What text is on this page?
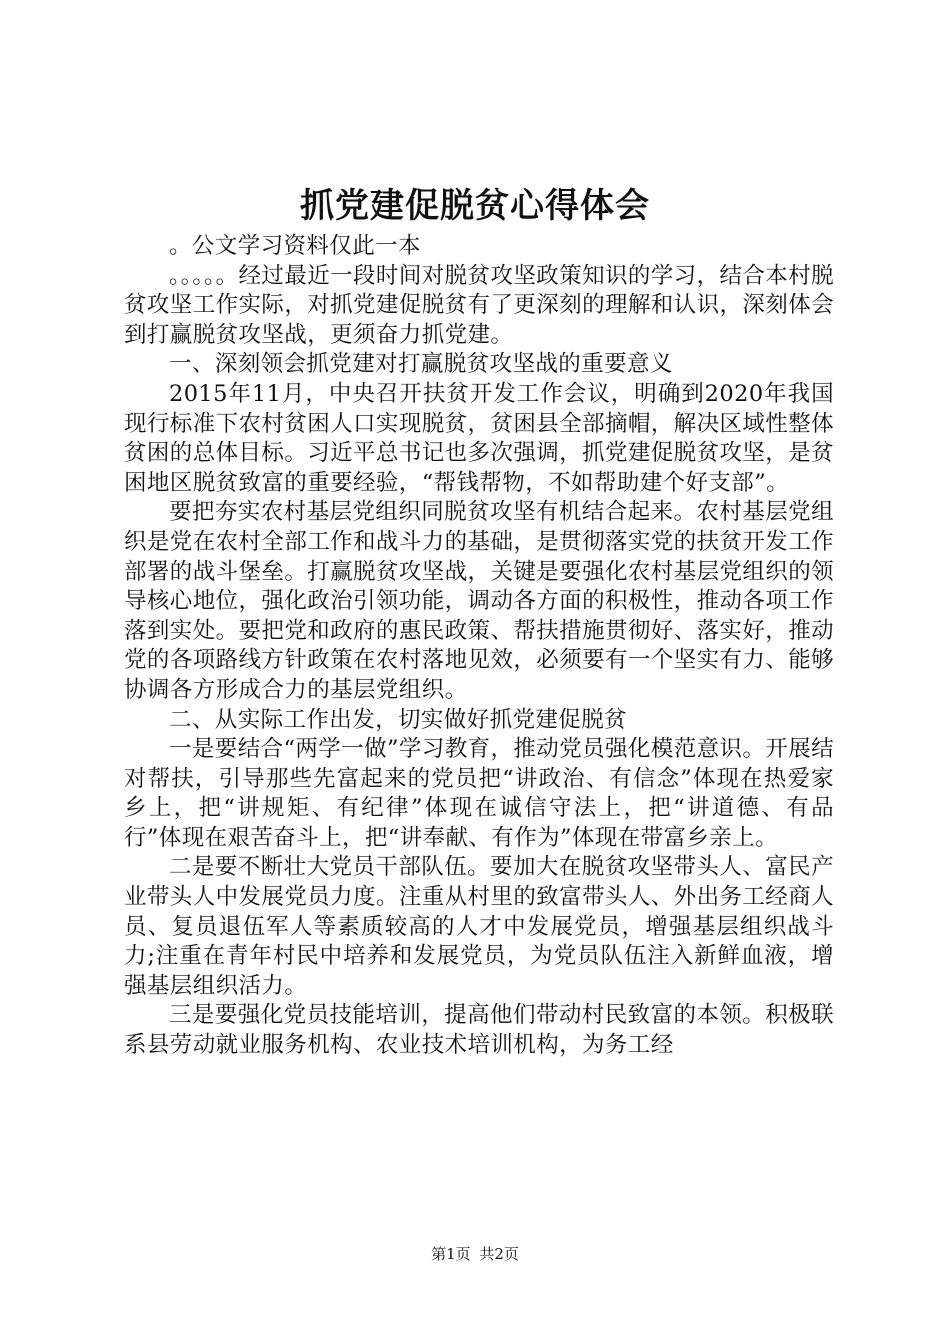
抓党建促脱贫心得体会

。公文学习资料仅此一本

。。。。。经过最近一段时间对脱贫攻坚政策知识的学习，结合本村脱贫攻坚工作实际，对抓党建促脱贫有了更深刻的理解和认识，深刻体会到打赢脱贫攻坚战，更须奋力抓党建。

一、深刻领会抓党建对打赢脱贫攻坚战的重要意义

2015年11月，中央召开扶贫开发工作会议，明确到2020年我国现行标准下农村贫困人口实现脱贫，贫困县全部摘帽，解决区域性整体贫困的总体目标。习近平总书记也多次强调，抓党建促脱贫攻坚，是贫困地区脱贫致富的重要经验，“帮钱帮物，不如帮助建个好支部”。

要把夯实农村基层党组织同脱贫攻坚有机结合起来。农村基层党组织是党在农村全部工作和战斗力的基础，是贯彻落实党的扶贫开发工作部署的战斗堡垒。打赢脱贫攻坚战，关键是要强化农村基层党组织的领导核心地位，强化政治引领功能，调动各方面的积极性，推动各项工作落到实处。要把党和政府的惠民政策、帮扶措施贯彻好、落实好，推动党的各项路线方针政策在农村落地见效，必须要有一个坚实有力、能够协调各方形成合力的基层党组织。

二、从实际工作出发，切实做好抓党建促脱贫

一是要结合“两学一做”学习教育，推动党员强化模范意识。开展结对帮扶，引导那些先富起来的党员把“讲政治、有信念”体现在热爱家乡上，把“讲规矩、有纪律”体现在诚信守法上，把“讲道德、有品行”体现在艰苦奋斗上，把“讲奉献、有作为”体现在带富乡亲上。

二是要不断壮大党员干部队伍。要加大在脱贫攻坚带头人、富民产业带头人中发展党员力度。注重从村里的致富带头人、外出务工经商人员、复员退伍军人等素质较高的人才中发展党员，增强基层组织战斗力;注重在青年村民中培养和发展党员，为党员队伍注入新鲜血液，增强基层组织活力。

三是要强化党员技能培训，提高他们带动村民致富的本领。积极联系县劳动就业服务机构、农业技术培训机构，为务工经

第1页 共2页
